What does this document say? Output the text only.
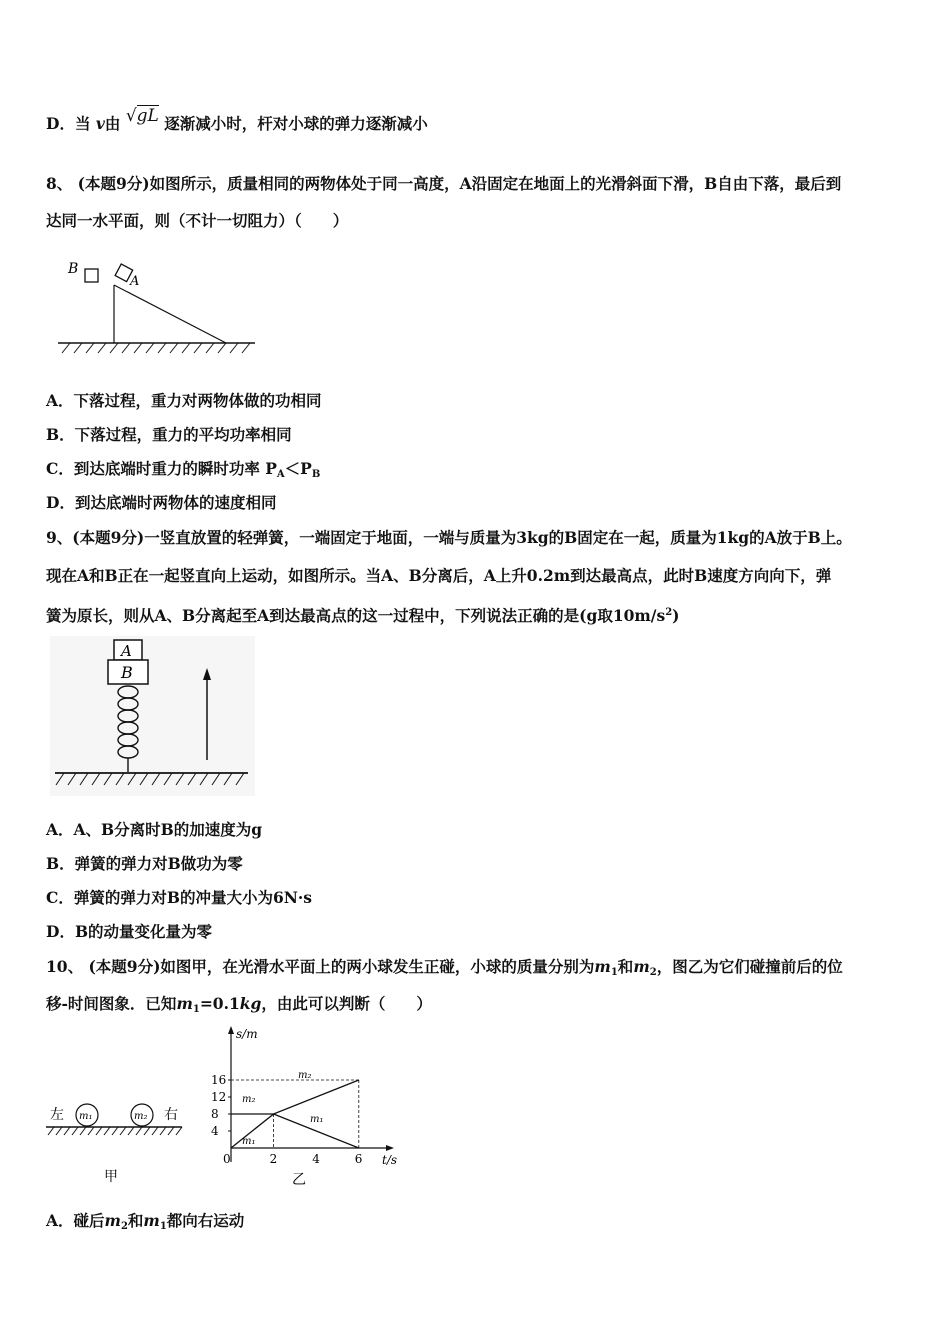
D．当 v由 √gL 逐渐减小时，杆对小球的弹力逐渐减小
8、 (本题9分)如图所示，质量相同的两物体处于同一高度，A沿固定在地面上的光滑斜面下滑，B自由下落，最后到
达同一水平面，则（不计一切阻力）（　　）
B
A
A．下落过程，重力对两物体做的功相同
B．下落过程，重力的平均功率相同
C．到达底端时重力的瞬时功率 $P_A<P_B$
D．到达底端时两物体的速度相同
9、(本题9分)一竖直放置的轻弹簧，一端固定于地面，一端与质量为3kg的B固定在一起，质量为1kg的A放于B上。
现在A和B正在一起竖直向上运动，如图所示。当A、B分离后，A上升0.2m到达最高点，此时B速度方向向下，弹
簧为原长，则从A、B分离起至A到达最高点的这一过程中，下列说法正确的是(g取$10m/s^2$)
A
B
A．A、B分离时B的加速度为g
B．弹簧的弹力对B做功为零
C．弹簧的弹力对B的冲量大小为6N·s
D．B的动量变化量为零
10、 (本题9分)如图甲，在光滑水平面上的两小球发生正碰，小球的质量分别为$m_1$和$m_2$，图乙为它们碰撞前后的位
移-时间图象．已知$m_1=0.1kg$，由此可以判断（　　）
左 m₁	m₂ 右
甲
s/m
t/s
乙
16
12
8
4
0	2	4	6
m₂
m₁
m₂
m₁
A．碰后$m_2$和$m_1$都向右运动
